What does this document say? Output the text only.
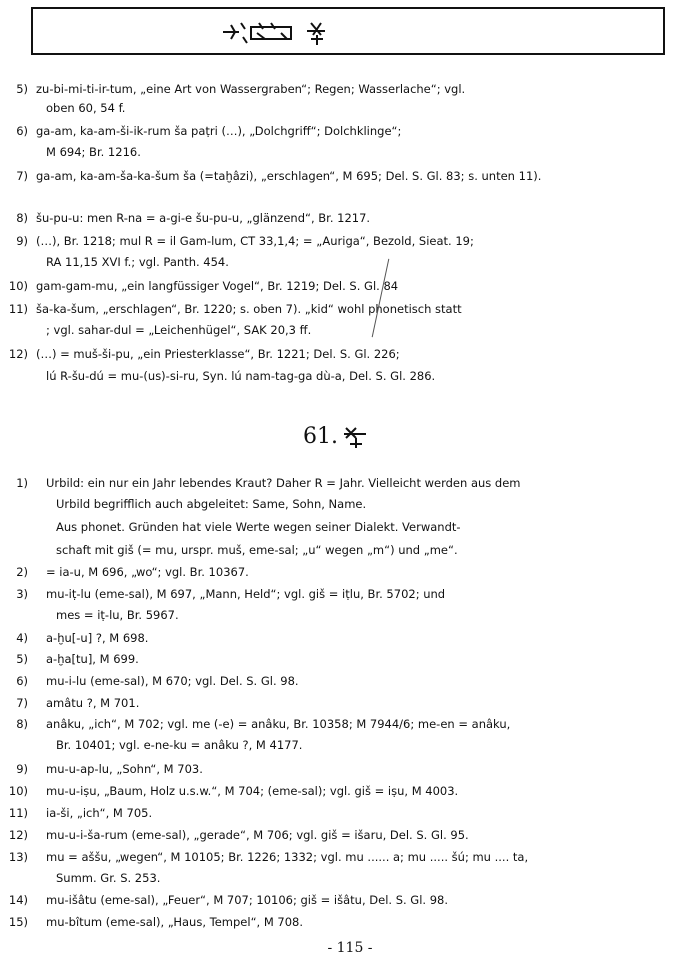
5) zu-bi-mi-ti-ir-tum, „eine Art von Wassergraben“; Regen; Wasserlache“; vgl.
oben 60, 54 f.
6) ga-am, ka-am-ši-ik-rum ša paṭri (…), „Dolchgriff“; Dolchklinge“;
M 694; Br. 1216.
7) ga-am, ka-am-ša-ka-šum ša (=taḫâzi), „erschlagen“, M 695; Del. S. Gl. 83; s. unten 11).
8) šu-pu-u: men R-na = a-gi-e šu-pu-u, „glänzend“, Br. 1217.
9) (…), Br. 1218; mul R = il Gam-lum, CT 33,1,4; = „Auriga“, Bezold, Sieat. 19;
RA 11,15 XVI f.; vgl. Panth. 454.
10) gam-gam-mu, „ein langfüssiger Vogel“, Br. 1219; Del. S. Gl. 84
11) ša-ka-šum, „erschlagen“, Br. 1220; s. oben 7). „kid“ wohl phonetisch statt
; vgl. sahar-dul = „Leichenhügel“, SAK 20,3 ff.
12) (…) = muš-ši-pu, „ein Priesterklasse“, Br. 1221; Del. S. Gl. 226;
lú R-šu-dú = mu-(us)-si-ru, Syn. lú nam-tag-ga dù-a, Del. S. Gl. 286.
61.
1) Urbild: ein nur ein Jahr lebendes Kraut? Daher R = Jahr. Vielleicht werden aus dem
Urbild begrifflich auch abgeleitet: Same, Sohn, Name.
Aus phonet. Gründen hat viele Werte wegen seiner Dialekt. Verwandt-
schaft mit giš (= mu, urspr. muš, eme-sal; „u“ wegen „m“) und „me“.
2) = ia-u, M 696, „wo“; vgl. Br. 10367.
3) mu-iṭ-lu (eme-sal), M 697, „Mann, Held“; vgl. giš = iṭlu, Br. 5702; und
mes = iṭ-lu, Br. 5967.
4) a-ḫu[-u] ?, M 698.
5) a-ḫa[tu], M 699.
6) mu-i-lu (eme-sal), M 670; vgl. Del. S. Gl. 98.
7) amâtu ?, M 701.
8) anâku, „ich“, M 702; vgl. me (-e) = anâku, Br. 10358; M 7944/6; me-en = anâku,
Br. 10401; vgl. e-ne-ku = anâku ?, M 4177.
9) mu-u-ap-lu, „Sohn“, M 703.
10) mu-u-iṣu, „Baum, Holz u.s.w.“, M 704; (eme-sal); vgl. giš = iṣu, M 4003.
11) ia-ši, „ich“, M 705.
12) mu-u-i-ša-rum (eme-sal), „gerade“, M 706; vgl. giš = išaru, Del. S. Gl. 95.
13) mu = aššu, „wegen“, M 10105; Br. 1226; 1332; vgl. mu ...... a; mu ..... šú; mu .... ta,
Summ. Gr. S. 253.
14) mu-išâtu (eme-sal), „Feuer“, M 707; 10106; giš = išâtu, Del. S. Gl. 98.
15) mu-bîtum (eme-sal), „Haus, Tempel“, M 708.
- 115 -
